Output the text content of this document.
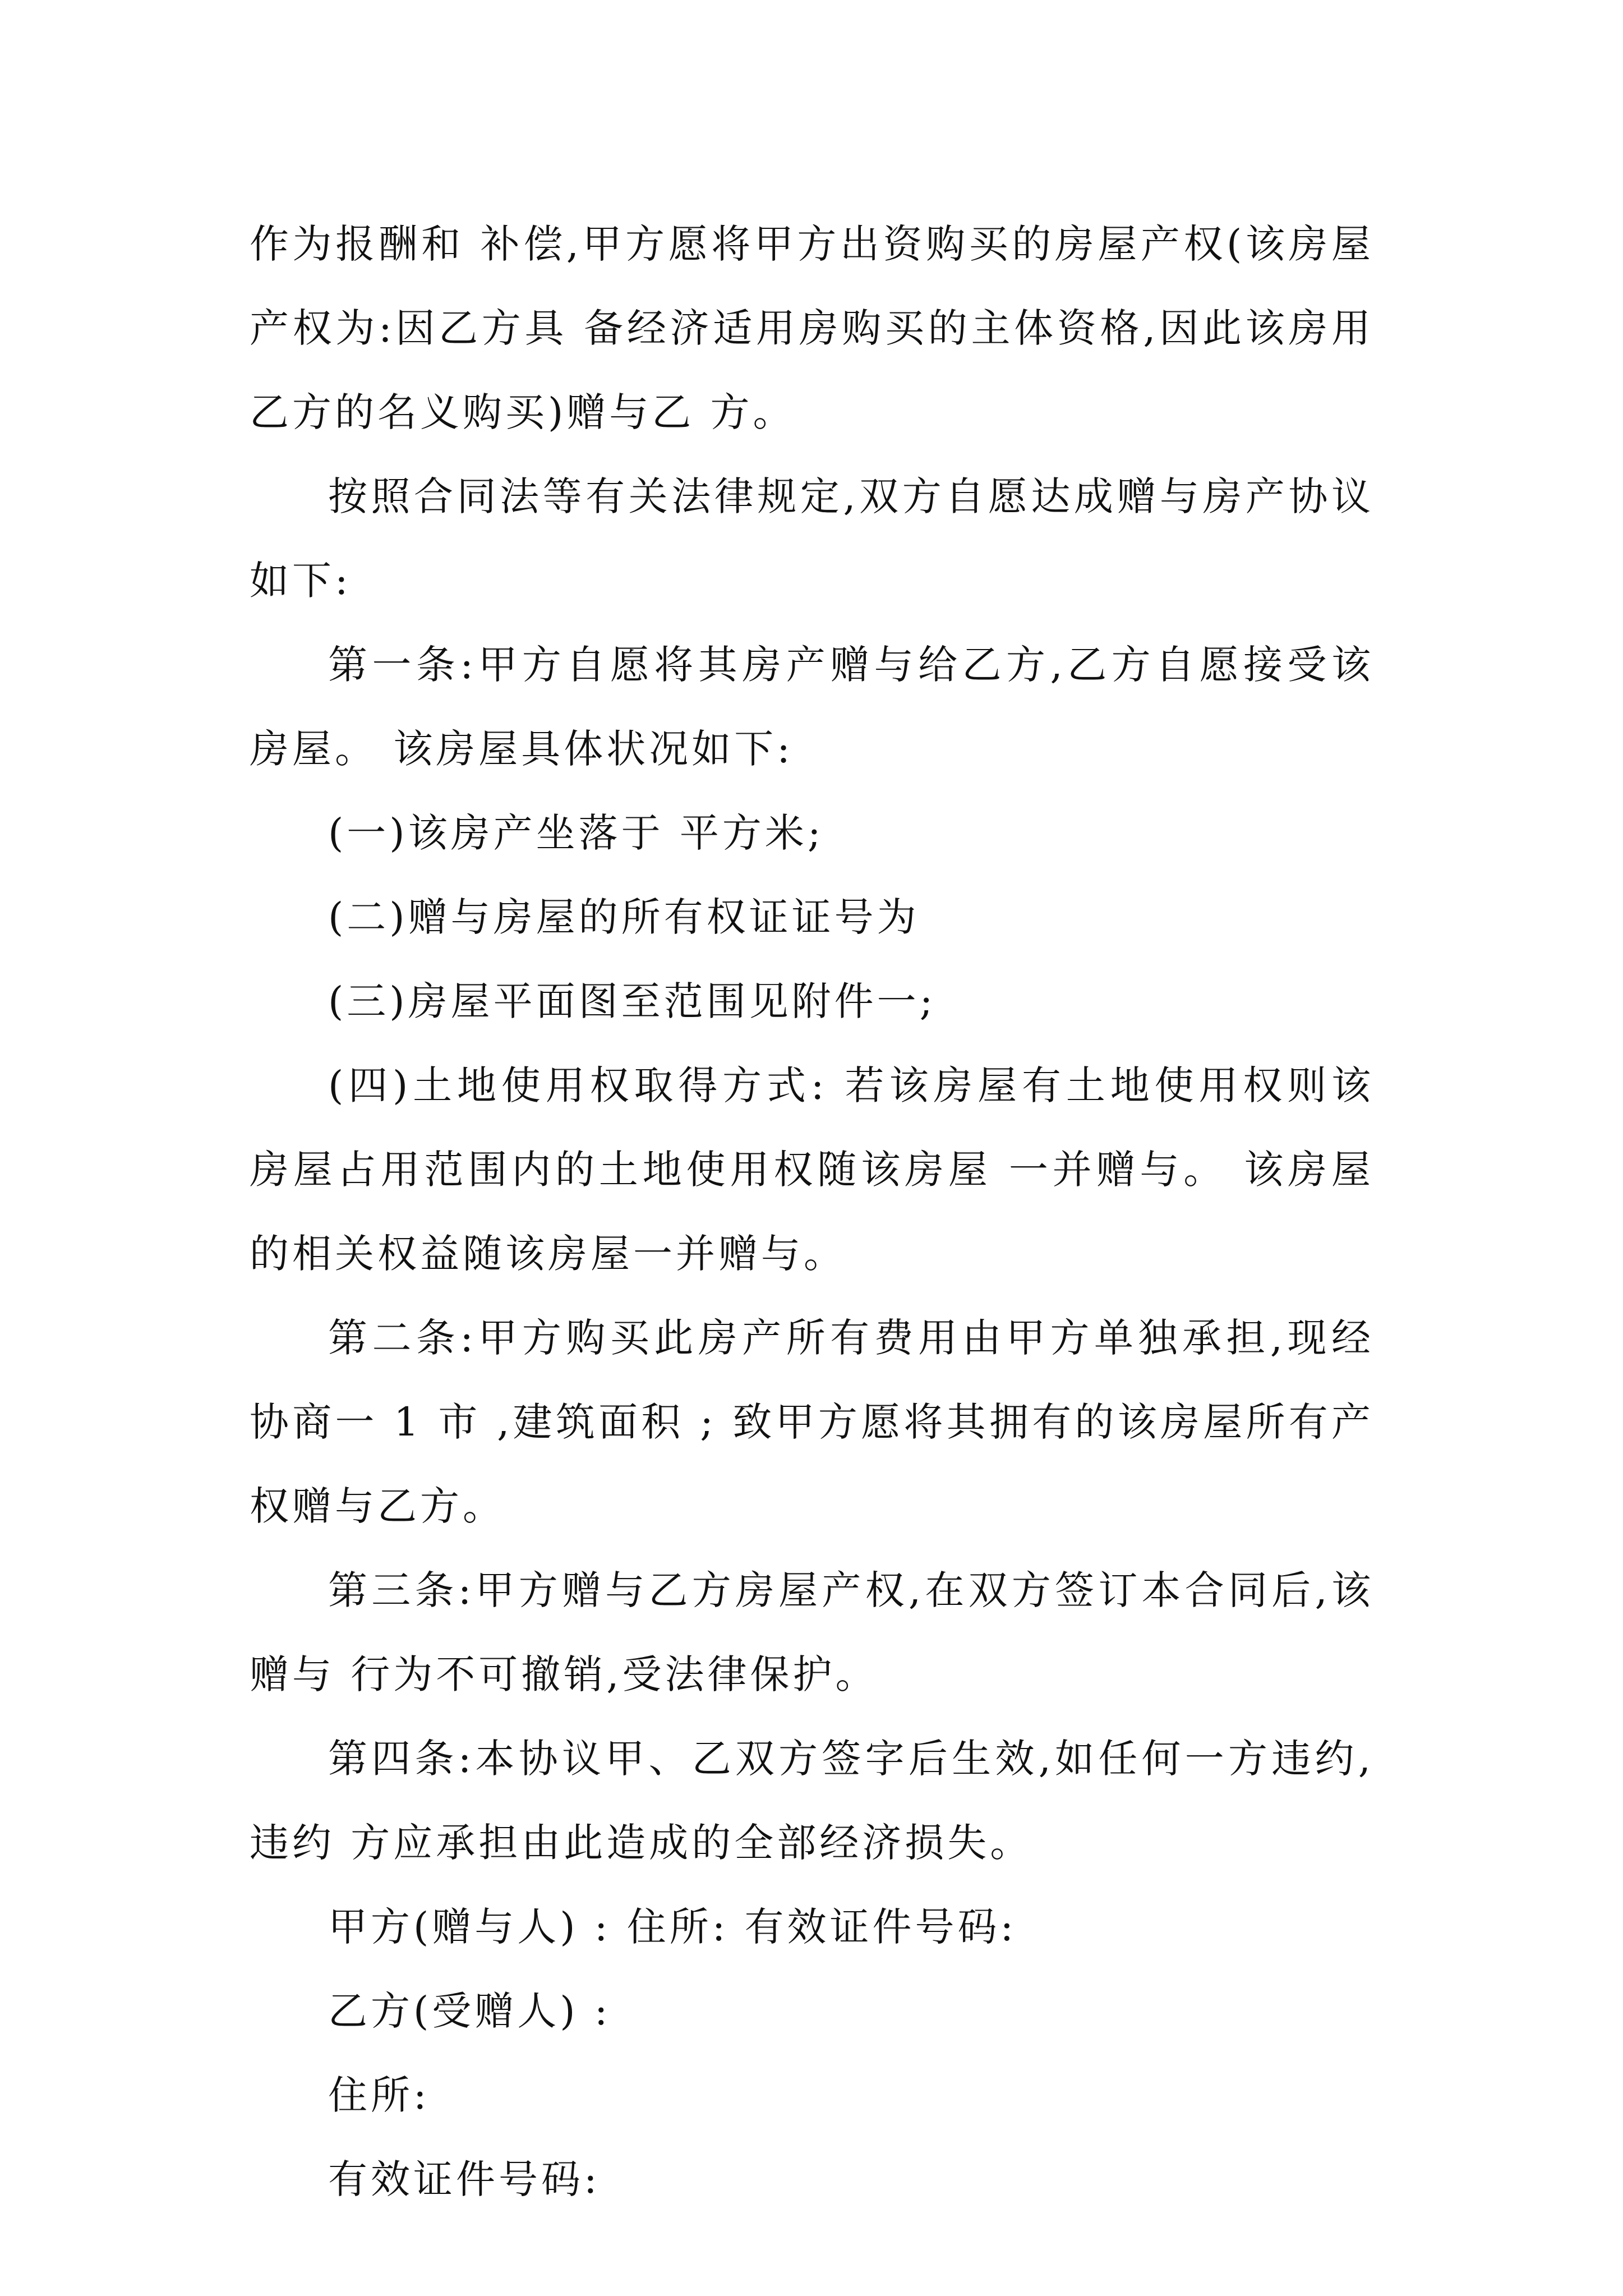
作为报酬和 补偿,甲方愿将甲方出资购买的房屋产权(该房屋产权为:因乙方具 备经济适用房购买的主体资格,因此该房用乙方的名义购买)赠与乙 方。

按照合同法等有关法律规定,双方自愿达成赠与房产协议如下:

第一条:甲方自愿将其房产赠与给乙方,乙方自愿接受该房屋。 该房屋具体状况如下:

(一)该房产坐落于 平方米;

(二)赠与房屋的所有权证证号为

(三)房屋平面图至范围见附件一;

(四)土地使用权取得方式: 若该房屋有土地使用权则该房屋占用范围内的土地使用权随该房屋 一并赠与。 该房屋的相关权益随该房屋一并赠与。

第二条:甲方购买此房产所有费用由甲方单独承担,现经协商一 1 市 ,建筑面积 ; 致甲方愿将其拥有的该房屋所有产权赠与乙方。

第三条:甲方赠与乙方房屋产权,在双方签订本合同后,该赠与 行为不可撤销,受法律保护。

第四条:本协议甲、乙双方签字后生效,如任何一方违约,违约 方应承担由此造成的全部经济损失。

甲方(赠与人) : 住所: 有效证件号码:

乙方(受赠人) :

住所:

有效证件号码:
